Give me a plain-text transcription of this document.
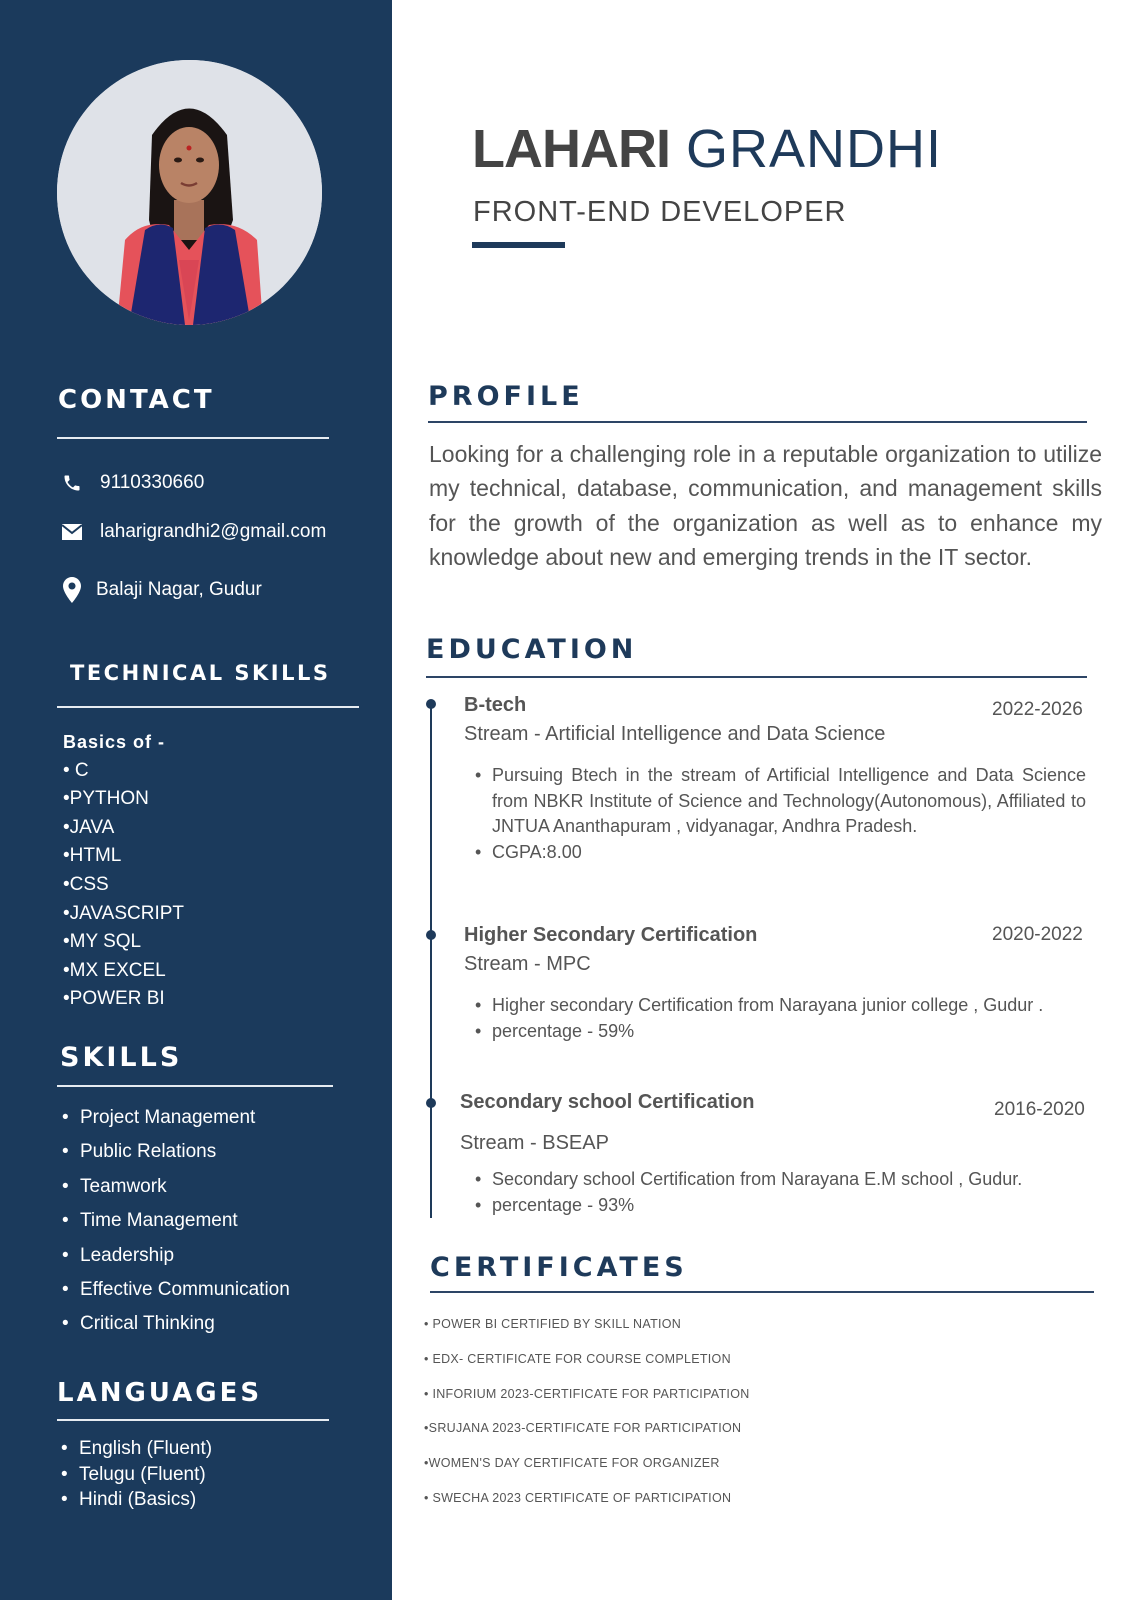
CONTACT
9110330660
laharigrandhi2@gmail.com
Balaji Nagar, Gudur
TECHNICAL SKILLS
Basics of -
• C
•PYTHON
•JAVA
•HTML
•CSS
•JAVASCRIPT
•MY SQL
•MX EXCEL
•POWER BI
SKILLS
• Project Management
• Public Relations
• Teamwork
• Time Management
• Leadership
• Effective Communication
• Critical Thinking
LANGUAGES
• English (Fluent)
• Telugu (Fluent)
• Hindi (Basics)
LAHARI GRANDHI
FRONT-END DEVELOPER
PROFILE
Looking for a challenging role in a reputable organization to utilize my technical, database, communication, and management skills for the growth of the organization as well as to enhance my knowledge about new and emerging trends in the IT sector.
EDUCATION
B-tech	2022-2026
Stream - Artificial Intelligence and Data Science
• Pursuing Btech in the stream of Artificial Intelligence and Data Science from NBKR Institute of Science and Technology(Autonomous), Affiliated to JNTUA Ananthapuram , vidyanagar, Andhra Pradesh.
• CGPA:8.00
Higher Secondary Certification	2020-2022
Stream - MPC
• Higher secondary Certification from Narayana junior college , Gudur .
• percentage - 59%
Secondary school Certification	2016-2020
Stream - BSEAP
• Secondary school Certification from Narayana E.M school , Gudur.
• percentage - 93%
CERTIFICATES
• POWER BI CERTIFIED BY SKILL NATION
• EDX- CERTIFICATE FOR COURSE COMPLETION
• INFORIUM 2023-CERTIFICATE FOR PARTICIPATION
•SRUJANA 2023-CERTIFICATE FOR PARTICIPATION
•WOMEN'S DAY CERTIFICATE FOR ORGANIZER
• SWECHA 2023 CERTIFICATE OF PARTICIPATION
